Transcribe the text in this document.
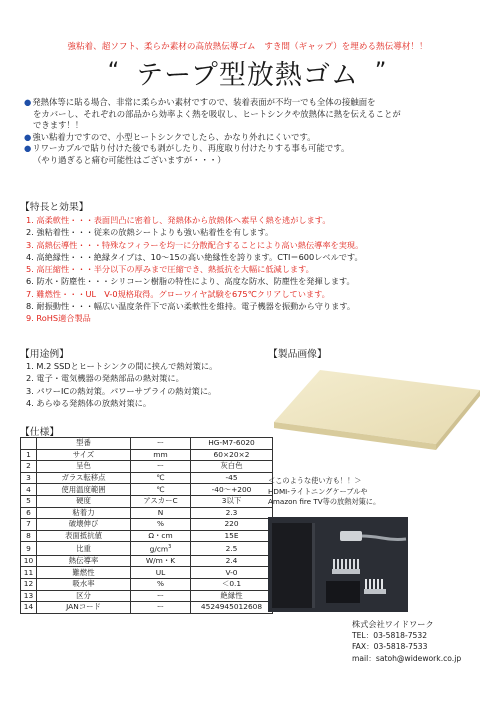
強粘着、超ソフト、柔らか素材の高放熱伝導ゴム　すき間（ギャップ）を埋める熱伝導材！！
“ テープ型放熱ゴム ”
●発熱体等に貼る場合、非常に柔らかい素材ですので、装着表面が不均一でも全体の接触面を
をカバーし、それぞれの部品から効率よく熱を吸収し、ヒートシンクや放熱体に熱を伝えることが
できます！！
●強い粘着力ですので、小型ヒートシンクでしたら、かなり外れにくいです。
●リワーカブルで貼り付けた後でも剥がしたり、再度取り付けたりする事も可能です。
（やり過ぎると痛む可能性はございますが・・・）
【特長と効果】
1. 高柔軟性・・・表面凹凸に密着し、発熱体から放熱体へ素早く熱を逃がします。
2. 強粘着性・・・従来の放熱シートよりも強い粘着性を有します。
3. 高熱伝導性・・・特殊なフィラーを均一に分散配合することにより高い熱伝導率を実現。
4. 高絶縁性・・・絶縁タイプは、10～15の高い絶縁性を誇ります。CTI＝600レベルです。
5. 高圧縮性・・・半分以下の厚みまで圧縮でき、熱抵抗を大幅に低減します。
6. 防水・防塵性・・・シリコーン樹脂の特性により、高度な防水、防塵性を発揮します。
7. 難燃性・・・UL　V-0規格取得。グローワイヤ試験を675℃クリアしています。
8. 耐振動性・・・幅広い温度条件下で高い柔軟性を維持。電子機器を振動から守ります。
9. RoHS適合製品
【用途例】
1. M.2 SSDとヒートシンクの間に挟んで熱対策に。
2. 電子・電気機器の発熱部品の熱対策に。
3. パワーICの熱対策。パワーサプライの熱対策に。
4. あらゆる発熱体の放熱対策に。
【製品画像】
【仕様】
	型番	ー	HG-M7-6020
1	サイズ	mm	60×20×2
2	呈色	ー	灰白色
3	ガラス転移点	℃	-45
4	使用温度範囲	℃	-40～+200
5	硬度	アスカーC	3以下
6	粘着力	N	2.3
7	破壊伸び	%	220
8	表面抵抗値	Ω・cm	15E
9	比重	$g/cm^3$	2.5
10	熱伝導率	W/m・K	2.4
11	難燃性	UL	V-0
12	吸水率	%	＜0.1
13	区分	ー	絶縁性
14	JANコード	ー	4524945012608
＜このような使い方も！！＞
HDMI-ライトニングケーブルや
Amazon fire TV等の放熱対策に。
株式会社ワイドワーク
TEL：03-5818-7532
FAX：03-5818-7533
mail：satoh@widework.co.jp
